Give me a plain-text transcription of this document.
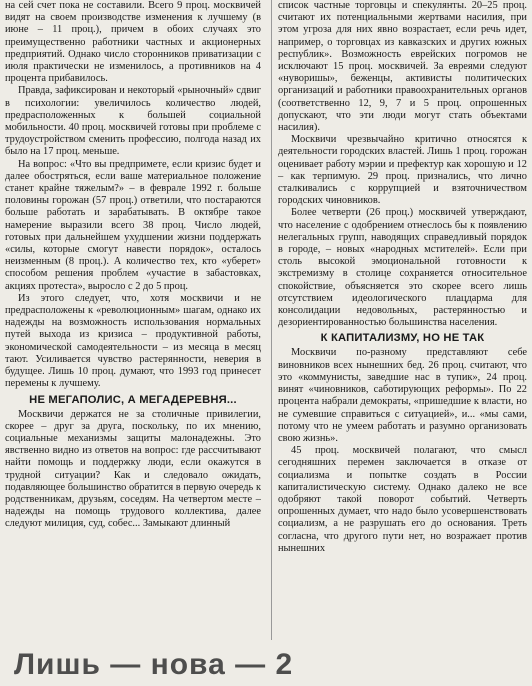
на сей счет пока не составили. Всего 9 проц. москвичей видят на своем производстве изменения к лучшему (в июне – 11 проц.), причем в обоих случаях это преимущественно работники частных и акционерных предприятий. Однако число сторонников приватизации с июля практически не изменилось, а противников на 4 процента прибавилось.

Правда, зафиксирован и некоторый «рыночный» сдвиг в психологии: увеличилось количество людей, предрасположенных к большей социальной мобильности. 40 проц. москвичей готовы при проблеме с трудоустройством сменить профессию, полгода назад их было на 17 проц. меньше.

На вопрос: «Что вы предпримете, если кризис будет и далее обостряться, если ваше материальное положение станет крайне тяжелым?» – в феврале 1992 г. больше половины горожан (57 проц.) ответили, что постараются больше работать и зарабатывать. В октябре такое намерение выразили всего 38 проц. Число людей, готовых при дальнейшем ухудшении жизни поддержать «силы, которые смогут навести порядок», осталось неизменным (8 проц.). А количество тех, кто «уберет» способом решения проблем «участие в забастовках, акциях протеста», выросло с 2 до 5 проц.

Из этого следует, что, хотя москвичи и не предрасположены к «революционным» шагам, однако их надежды на возможность использования нормальных путей выхода из кризиса – продуктивной работы, экономической самодеятельности – из месяца в месяц тают. Усиливается чувство растерянности, неверия в будущее. Лишь 10 проц. думают, что 1993 год принесет перемены к лучшему.

НЕ МЕГАПОЛИС, А МЕГАДЕРЕВНЯ...

Москвичи держатся не за столичные привилегии, скорее – друг за друга, поскольку, по их мнению, социальные механизмы защиты малонадежны. Это явственно видно из ответов на вопрос: где рассчитывают найти помощь и поддержку люди, если окажутся в трудной ситуации? Как и следовало ожидать, подавляющее большинство обратится в первую очередь к родственникам, друзьям, соседям. На четвертом месте – надежды на помощь трудового коллектива, далее следуют милиция, суд, собес... Замыкают длинный

список частные торговцы и спекулянты. 20–25 проц. считают их потенциальными жертвами насилия, при этом угроза для них явно возрастает, если речь идет, например, о торговцах из кавказских и других южных республик». Возможность еврейских погромов не исключают 15 проц. москвичей. За евреями следуют «нуворишы», беженцы, активисты политических организаций и работники правоохранительных органов (соответственно 12, 9, 7 и 5 проц. опрошенных допускают, что эти люди могут стать объектами насилия).

Москвичи чрезвычайно критично относятся к деятельности городских властей. Лишь 1 проц. горожан оценивает работу мэрии и префектур как хорошую и 12 – как терпимую. 29 проц. признались, что лично сталкивались с коррупцией и взяточничеством городских чиновников.

Более четверти (26 проц.) москвичей утверждают, что население с одобрением отнеслось бы к появлению нелегальных групп, наводящих справедливый порядок в городе, – новых «народных мстителей». Если при столь высокой эмоциональной готовности к экстремизму в столице сохраняется относительное спокойствие, объясняется это скорее всего лишь отсутствием идеологического плацдарма для консолидации недовольных, растерянностью и дезориентированностью большинства населения.

К КАПИТАЛИЗМУ, НО НЕ ТАК

Москвичи по-разному представляют себе виновников всех нынешних бед. 26 проц. считают, что это «коммунисты, заведшие нас в тупик», 24 проц. винят «чиновников, саботирующих реформы». По 22 процента набрали демократы, «пришедшие к власти, но не сумевшие справиться с ситуацией», и... «мы сами, потому что не умеем работать и разумно организовать свою жизнь».

45 проц. москвичей полагают, что смысл сегодняшних перемен заключается в отказе от социализма и попытке создать в России капиталистическую систему. Однако далеко не все одобряют такой поворот событий. Четверть опрошенных думает, что надо было усовершенствовать социализм, а не разрушать его до основания. Треть согласна, что другого пути нет, но возражает против нынешних

Лишь — нова — 2
